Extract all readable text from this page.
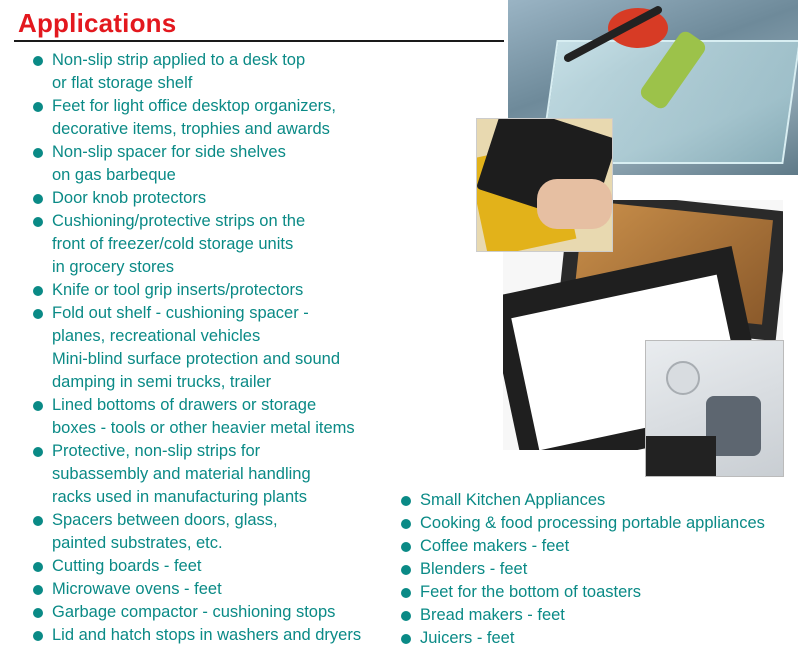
Applications
Non-slip strip applied to a desk top
or flat storage shelf
Feet for light office desktop organizers,
decorative items, trophies and awards
Non-slip spacer for side shelves
on gas barbeque
Door knob protectors
Cushioning/protective strips on the
front of freezer/cold storage units
in grocery stores
Knife or tool grip inserts/protectors
Fold out shelf - cushioning spacer -
planes, recreational vehicles
Mini-blind surface protection and sound
damping in semi trucks, trailer
Lined bottoms of drawers or storage
boxes - tools or other heavier metal items
Protective, non-slip strips for
subassembly and material handling
racks used in manufacturing plants
Spacers between doors, glass,
painted substrates, etc.
Cutting boards - feet
Microwave ovens - feet
Garbage compactor - cushioning stops
Lid and hatch stops in washers and dryers
Small Kitchen Appliances
Cooking & food processing portable appliances
Coffee makers - feet
Blenders - feet
Feet for the bottom of toasters
Bread makers - feet
Juicers - feet
